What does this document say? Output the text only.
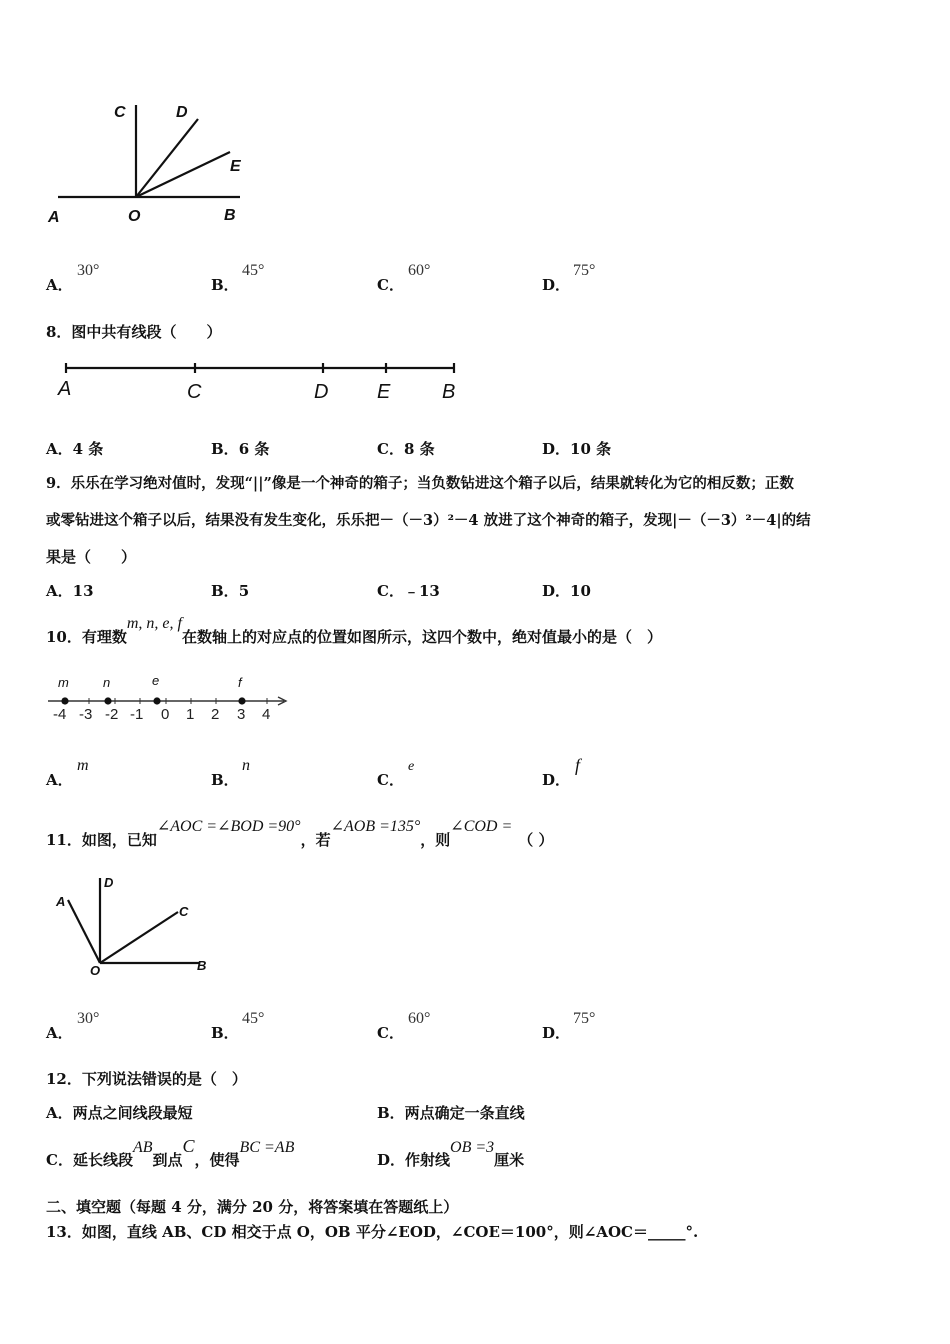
C	D
E
A	O	B
A．
30°
B．
45°
C．
60°
D．
75°
8．图中共有线段（　　）
A	C	D E	B
A．4 条	B．6 条	C．8 条	D．10 条
9．乐乐在学习绝对值时，发现“||”像是一个神奇的箱子；当负数钻进这个箱子以后，结果就转化为它的相反数；正数
或零钻进这个箱子以后，结果没有发生变化，乐乐把－（－3）²－4 放进了这个神奇的箱子，发现|－（－3）²－4|的结
果是（　　）
A．13	B．5	C．﹣13	D．10
10．有理数m, n, e, f在数轴上的对应点的位置如图所示，这四个数中，绝对值最小的是（　）
-4 -3 -2 -1 0 1 2 3 4
m	n	e	f
A．
m
B．
n
C．
e
D．
f
11．如图，已知∠AOC =∠BOD =90°，若∠AOB =135°，则∠COD =（ ）
A
D
C
O	B
A．
30°
B．
45°
C．
60°
D．
75°
12．下列说法错误的是（　）
A．两点之间线段最短	B．两点确定一条直线
C．延长线段AB到点C，使得BC =AB
D．作射线OB =3厘米
二、填空题（每题 4 分，满分 20 分，将答案填在答题纸上）
13．如图，直线 AB、CD 相交于点 O，OB 平分∠EOD，∠COE＝100°，则∠AOC＝_____°.
